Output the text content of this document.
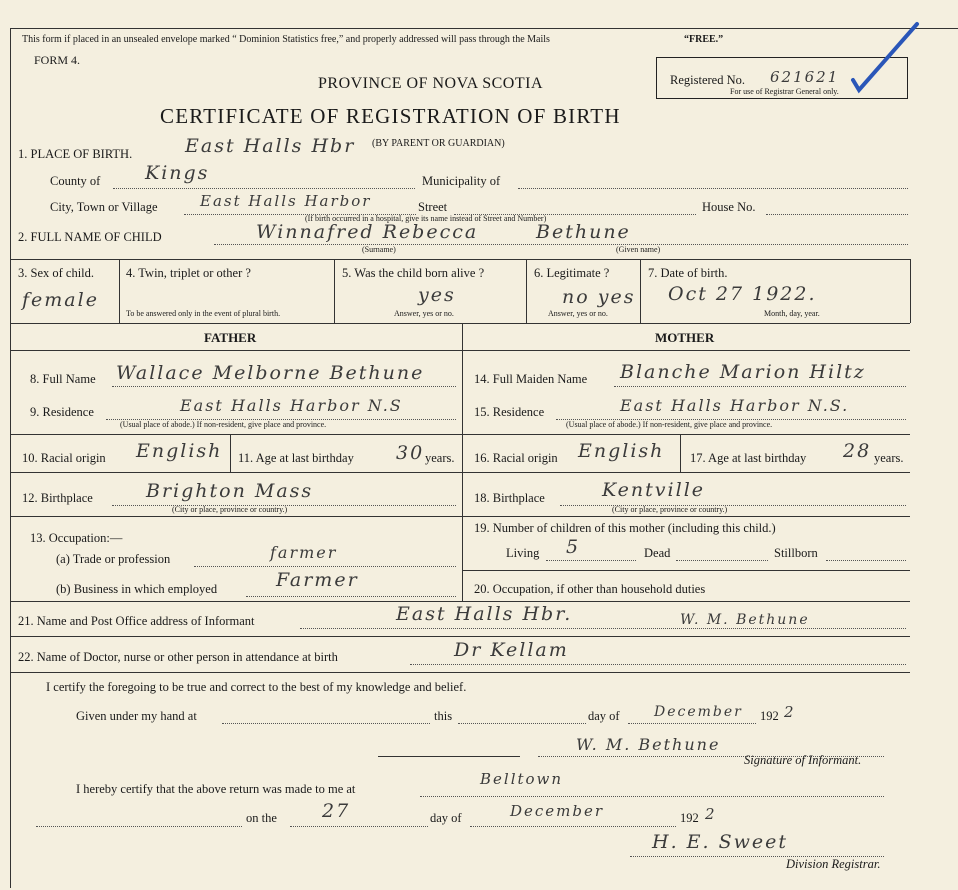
This form if placed in an unsealed envelope marked “ Dominion Statistics free,” and properly addressed will pass through the Mails	“FREE.”
FORM 4.
PROVINCE OF NOVA SCOTIA
CERTIFICATE OF REGISTRATION OF BIRTH
(BY PARENT OR GUARDIAN)
Registered No. 621621
For use of Registrar General only.
1. PLACE OF BIRTH.	East Halls Hbr
County of Kings	Municipality of
City, Town or Village	East Halls Harbor	Street	House No.
(If birth occurred in a hospital, give its name instead of Street and Number)
2. FULL NAME OF CHILD	Winnafred Rebecca	Bethune
(Surname)	(Given name)
3. Sex of child.
female
4. Twin, triplet or other ?
To be answered only in the event of plural birth.
5. Was the child born alive ?
yes
Answer, yes or no.
6. Legitimate ?
no yes
Answer, yes or no.
7. Date of birth.
Oct 27 1922.
Month, day, year.
FATHER	MOTHER
8. Full Name Wallace Melborne Bethune	14. Full Maiden Name Blanche Marion Hiltz
9. Residence	East Halls Harbor N.S
(Usual place of abode.) If non-resident, give place and province.
15. Residence	East Halls Harbor N.S.
(Usual place of abode.) If non-resident, give place and province.
10. Racial origin English 11. Age at last birthday 30 years. 16. Racial origin English 17. Age at last birthday 28 years.
12. Birthplace	Brighton Mass
(City or place, province or country.)
18. Birthplace	Kentville
(City or place, province or country.)
13. Occupation:—
(a) Trade or profession	farmer
(b) Business in which employed	Farmer
19. Number of children of this mother (including this child.)
Living 5	Dead	Stillborn
20. Occupation, if other than household duties
21. Name and Post Office address of Informant	East Halls Hbr.	W. M. Bethune
22. Name of Doctor, nurse or other person in attendance at birth	Dr Kellam
I certify the foregoing to be true and correct to the best of my knowledge and belief.
Given under my hand at	this	day of December 192 2
W. M. Bethune
Signature of Informant.
I hereby certify that the above return was made to me at
Belltown
on the 27	day of	December	192 2
H. E. Sweet
Division Registrar.
